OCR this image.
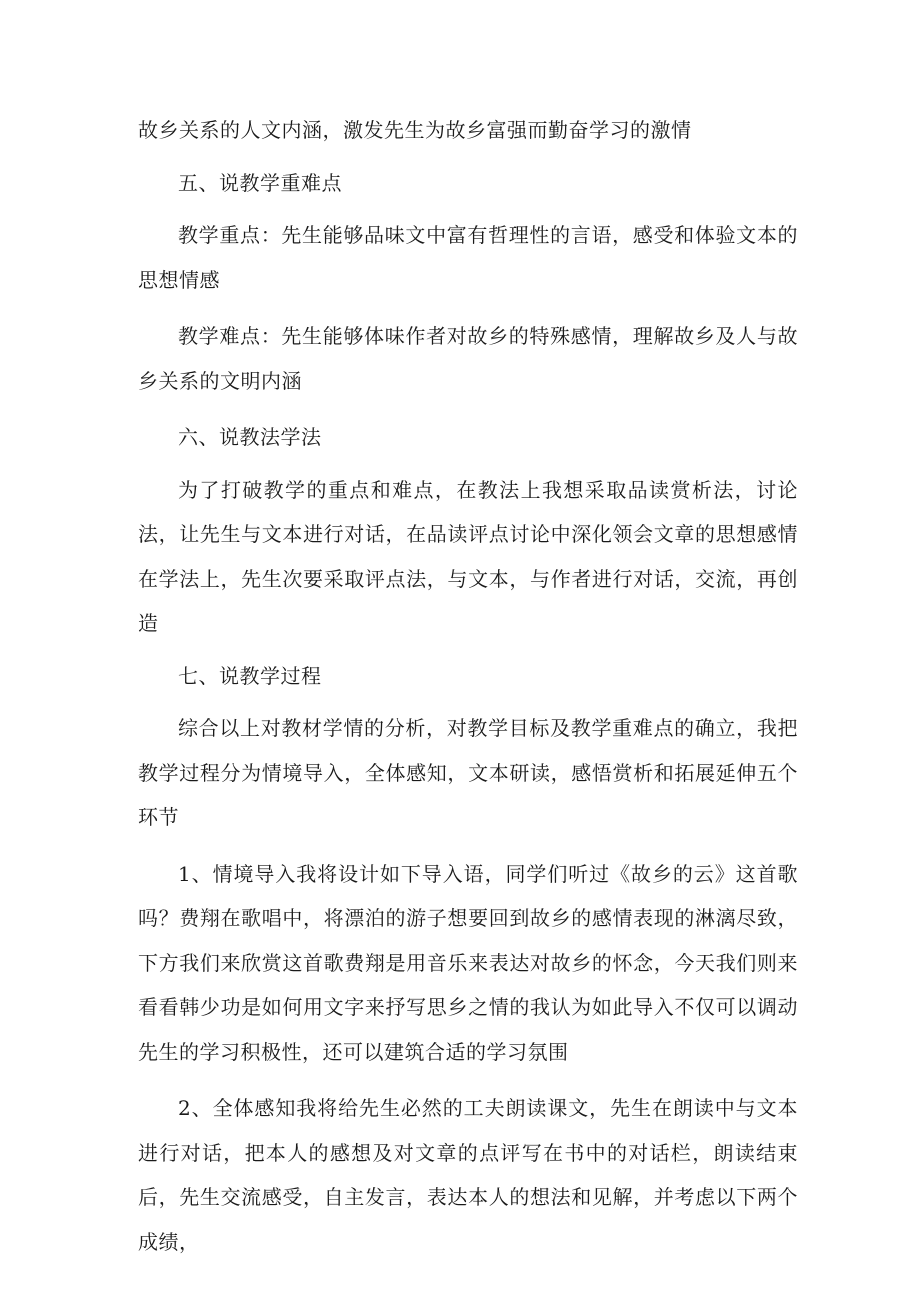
故乡关系的人文内涵，激发先生为故乡富强而勤奋学习的激情

五、说教学重难点

教学重点：先生能够品味文中富有哲理性的言语，感受和体验文本的思想情感

教学难点：先生能够体味作者对故乡的特殊感情，理解故乡及人与故乡关系的文明内涵

六、说教法学法

为了打破教学的重点和难点，在教法上我想采取品读赏析法，讨论法，让先生与文本进行对话，在品读评点讨论中深化领会文章的思想感情在学法上，先生次要采取评点法，与文本，与作者进行对话，交流，再创造

七、说教学过程

综合以上对教材学情的分析，对教学目标及教学重难点的确立，我把教学过程分为情境导入，全体感知，文本研读，感悟赏析和拓展延伸五个环节

1、情境导入我将设计如下导入语，同学们听过《故乡的云》这首歌吗？费翔在歌唱中，将漂泊的游子想要回到故乡的感情表现的淋漓尽致，下方我们来欣赏这首歌费翔是用音乐来表达对故乡的怀念，今天我们则来看看韩少功是如何用文字来抒写思乡之情的我认为如此导入不仅可以调动先生的学习积极性，还可以建筑合适的学习氛围

2、全体感知我将给先生必然的工夫朗读课文，先生在朗读中与文本进行对话，把本人的感想及对文章的点评写在书中的对话栏，朗读结束后，先生交流感受，自主发言，表达本人的想法和见解，并考虑以下两个成绩，
